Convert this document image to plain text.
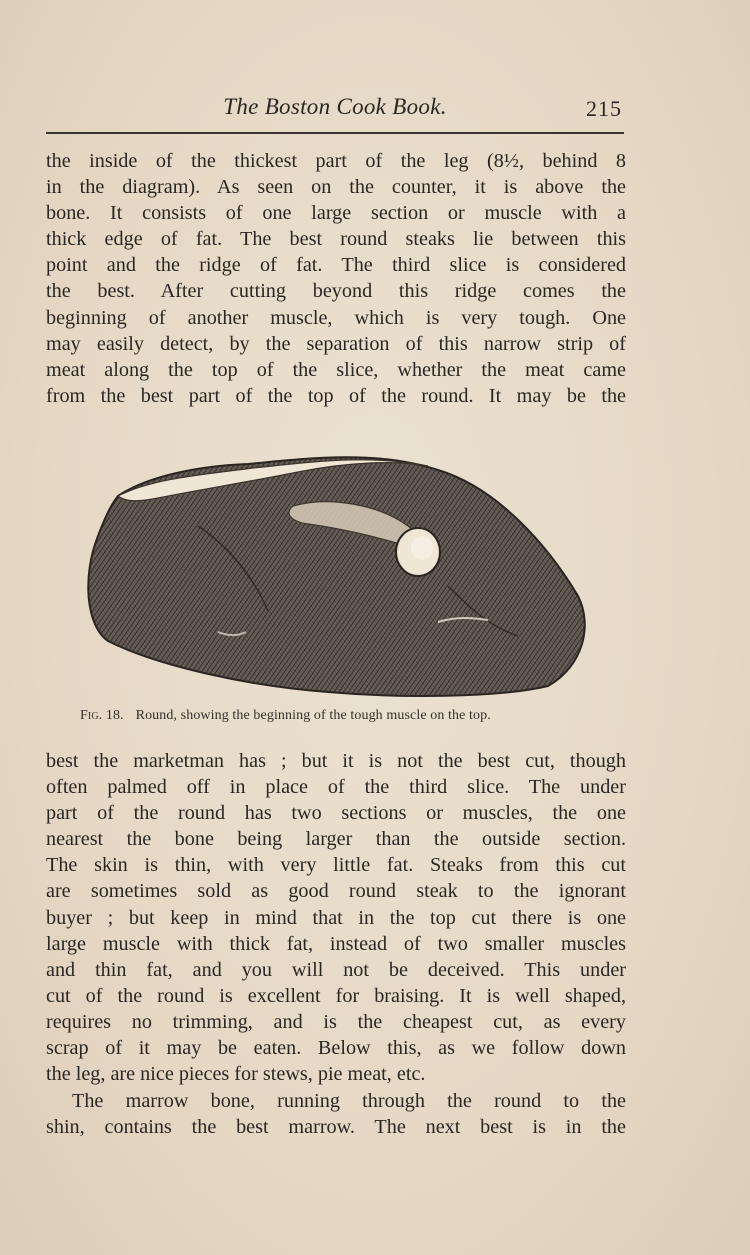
The Boston Cook Book.	215
the inside of the thickest part of the leg (8½, behind 8
in the diagram). As seen on the counter, it is above the
bone. It consists of one large section or muscle with a
thick edge of fat. The best round steaks lie between this
point and the ridge of fat. The third slice is considered
the best. After cutting beyond this ridge comes the
beginning of another muscle, which is very tough. One
may easily detect, by the separation of this narrow strip of
meat along the top of the slice, whether the meat came
from the best part of the top of the round. It may be the
Fig. 18. Round, showing the beginning of the tough muscle on the top.
best the marketman has ; but it is not the best cut, though
often palmed off in place of the third slice. The under
part of the round has two sections or muscles, the one
nearest the bone being larger than the outside section.
The skin is thin, with very little fat. Steaks from this cut
are sometimes sold as good round steak to the ignorant
buyer ; but keep in mind that in the top cut there is one
large muscle with thick fat, instead of two smaller muscles
and thin fat, and you will not be deceived. This under
cut of the round is excellent for braising. It is well shaped,
requires no trimming, and is the cheapest cut, as every
scrap of it may be eaten. Below this, as we follow down
the leg, are nice pieces for stews, pie meat, etc.
The marrow bone, running through the round to the
shin, contains the best marrow. The next best is in the
